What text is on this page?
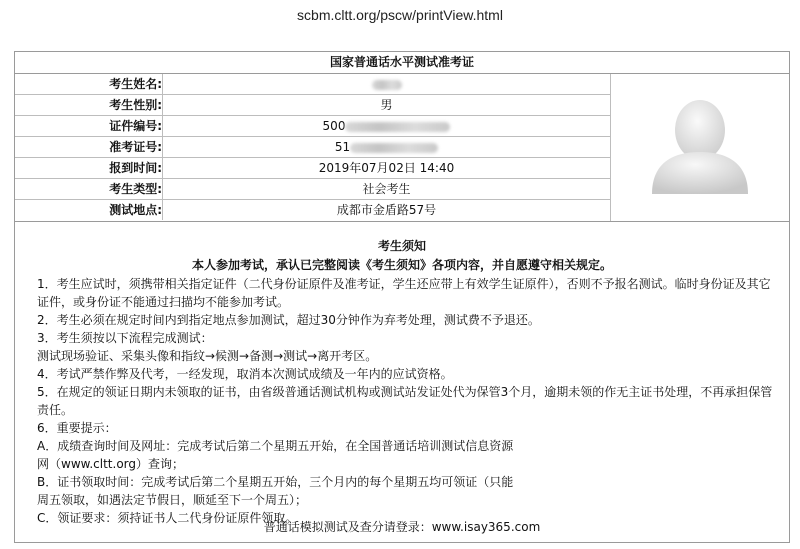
scbm.cltt.org/pscw/printView.html
国家普通话水平测试准考证
考生姓名:
考生性别:	男
证件编号:	500
准考证号:	51
报到时间:	2019年07月02日 14:40
考生类型:	社会考生
测试地点:	成都市金盾路57号
考生须知
本人参加考试，承认已完整阅读《考生须知》各项内容，并自愿遵守相关规定。

1．考生应试时，须携带相关指定证件（二代身份证原件及准考证，学生还应带上有效学生证原件），否则不予报名测试。临时身份证及其它证件，或身份证不能通过扫描均不能参加考试。

2．考生必须在规定时间内到指定地点参加测试，超过30分钟作为弃考处理，测试费不予退还。

3．考生须按以下流程完成测试：

测试现场验证、采集头像和指纹→候测→备测→测试→离开考区。

4．考试严禁作弊及代考，一经发现，取消本次测试成绩及一年内的应试资格。

5．在规定的领证日期内未领取的证书，由省级普通话测试机构或测试站发证处代为保管3个月，逾期未领的作无主证书处理，不再承担保管责任。

6．重要提示：

A．成绩查询时间及网址：完成考试后第二个星期五开始，在全国普通话培训测试信息资源

网（www.cltt.org）查询；

B．证书领取时间：完成考试后第二个星期五开始，三个月内的每个星期五均可领证（只能

周五领取，如遇法定节假日，顺延至下一个周五）；

C．领证要求：须持证书人二代身份证原件领取。

普通话模拟测试及查分请登录：www.isay365.com
